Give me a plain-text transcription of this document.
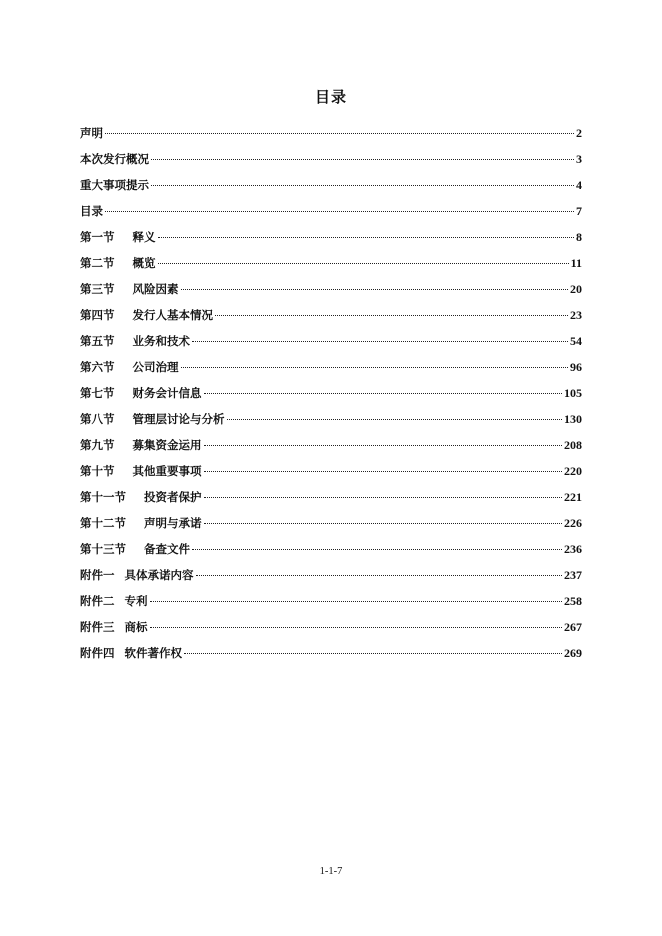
目录
声明	2
本次发行概况	3
重大事项提示	4
目录	7
第一节 释义	8
第二节 概览	11
第三节 风险因素	20
第四节 发行人基本情况	23
第五节 业务和技术	54
第六节 公司治理	96
第七节 财务会计信息	105
第八节 管理层讨论与分析	130
第九节 募集资金运用	208
第十节 其他重要事项	220
第十一节 投资者保护	221
第十二节 声明与承诺	226
第十三节 备查文件	236
附件一 具体承诺内容	237
附件二 专利	258
附件三 商标	267
附件四 软件著作权	269
1-1-7
